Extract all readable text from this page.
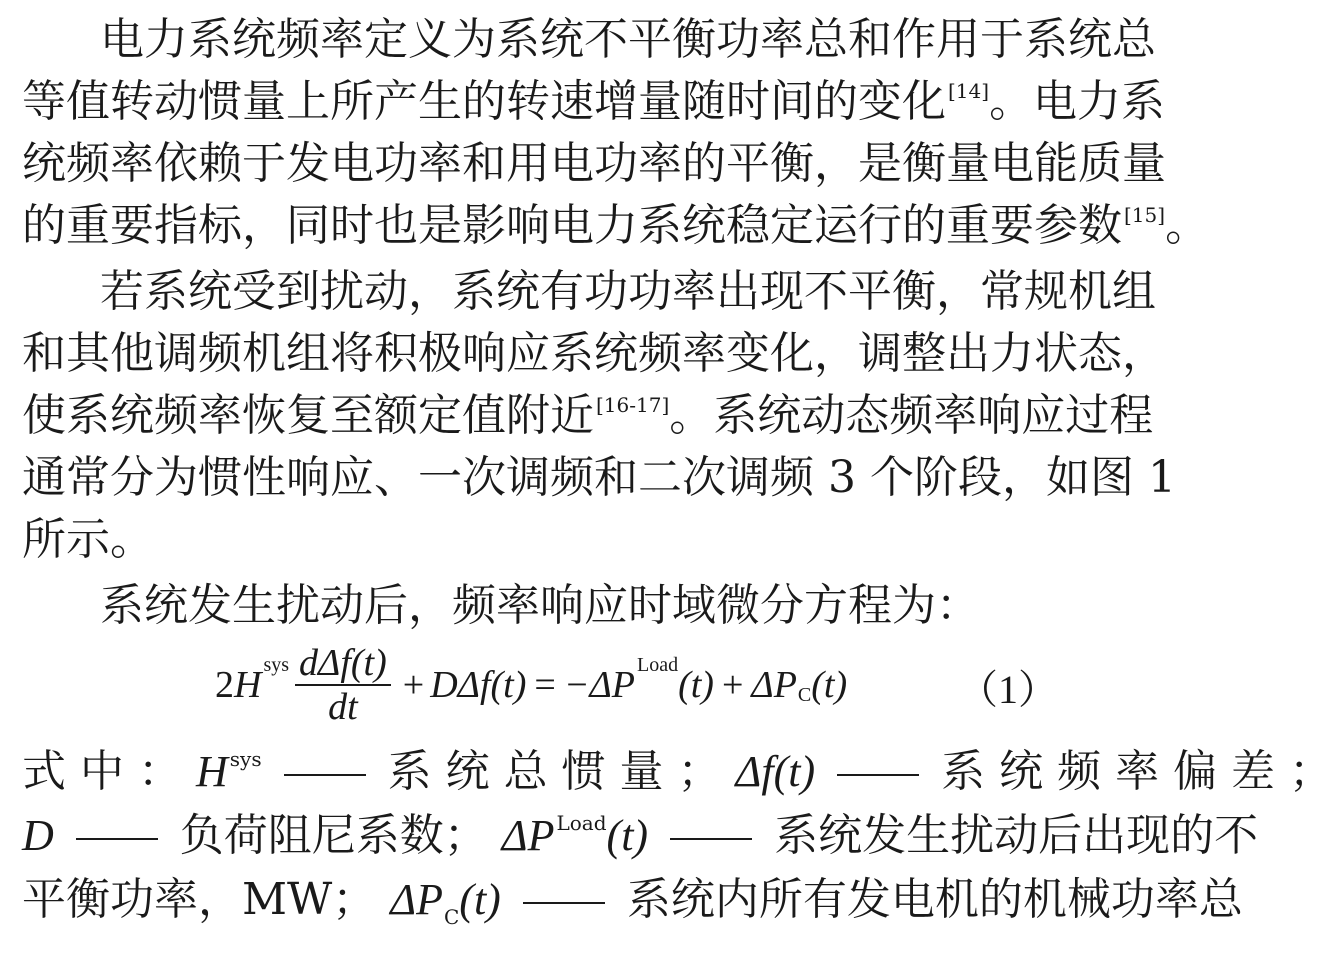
电力系统频率定义为系统不平衡功率总和作用于系统总
等值转动惯量上所产生的转速增量随时间的变化 [14]。电力系
统频率依赖于发电功率和用电功率的平衡，是衡量电能质量
的重要指标，同时也是影响电力系统稳定运行的重要参数 [15]。
若系统受到扰动，系统有功功率出现不平衡，常规机组
和其他调频机组将积极响应系统频率变化，调整出力状态，
使系统频率恢复至额定值附近 [16-17]。系统动态频率响应过程
通常分为惯性响应、一次调频和二次调频 3 个阶段，如图 1
所示。
系统发生扰动后，频率响应时域微分方程为：
2 H sys $\frac{\text{dΔf(t)}}{dt} + D\Delta f(t) = -\Delta P$ Load (t) + ΔP C (t)	（1）
式 中 ： H $^{sys}$	系 统 总 惯 量 ； Δf(t)	系 统 频 率 偏 差 ；
D	负荷阻尼系数； ΔP $^{Load}$(t)	系统发生扰动后出现的不
平衡功率，MW； $\Delta P_C(t)$	系统内所有发电机的机械功率总
